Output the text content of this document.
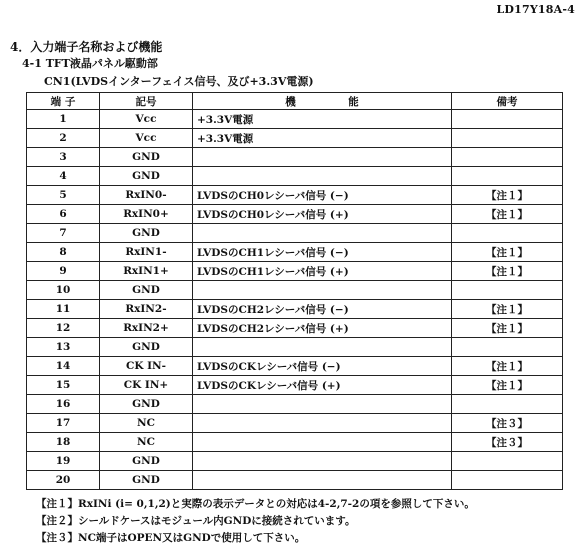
LD17Y18A-4
4．入力端子名称および機能
4-1 TFT液晶パネル駆動部
CN1(LVDSインターフェイス信号、及び+3.3V電源)
端 子	記号	機　　　　　能	備考
1	Vcc	+3.3V電源	
2	Vcc	+3.3V電源	
3	GND		
4	GND		
5	RxIN0-	LVDSのCH0レシーバ信号 (−)	【注１】
6	RxIN0+	LVDSのCH0レシーバ信号 (+)	【注１】
7	GND		
8	RxIN1-	LVDSのCH1レシーバ信号 (−)	【注１】
9	RxIN1+	LVDSのCH1レシーバ信号 (+)	【注１】
10	GND		
11	RxIN2-	LVDSのCH2レシーバ信号 (−)	【注１】
12	RxIN2+	LVDSのCH2レシーバ信号 (+)	【注１】
13	GND		
14	CK IN-	LVDSのCKレシーバ信号 (−)	【注１】
15	CK IN+	LVDSのCKレシーバ信号 (+)	【注１】
16	GND		
17	NC		【注３】
18	NC		【注３】
19	GND		
20	GND		
【注１】RxINi (i= 0,1,2)と実際の表示データとの対応は4-2,7-2の項を参照して下さい。
【注２】シールドケースはモジュール内GNDに接続されています。
【注３】NC端子はOPEN又はGNDで使用して下さい。
